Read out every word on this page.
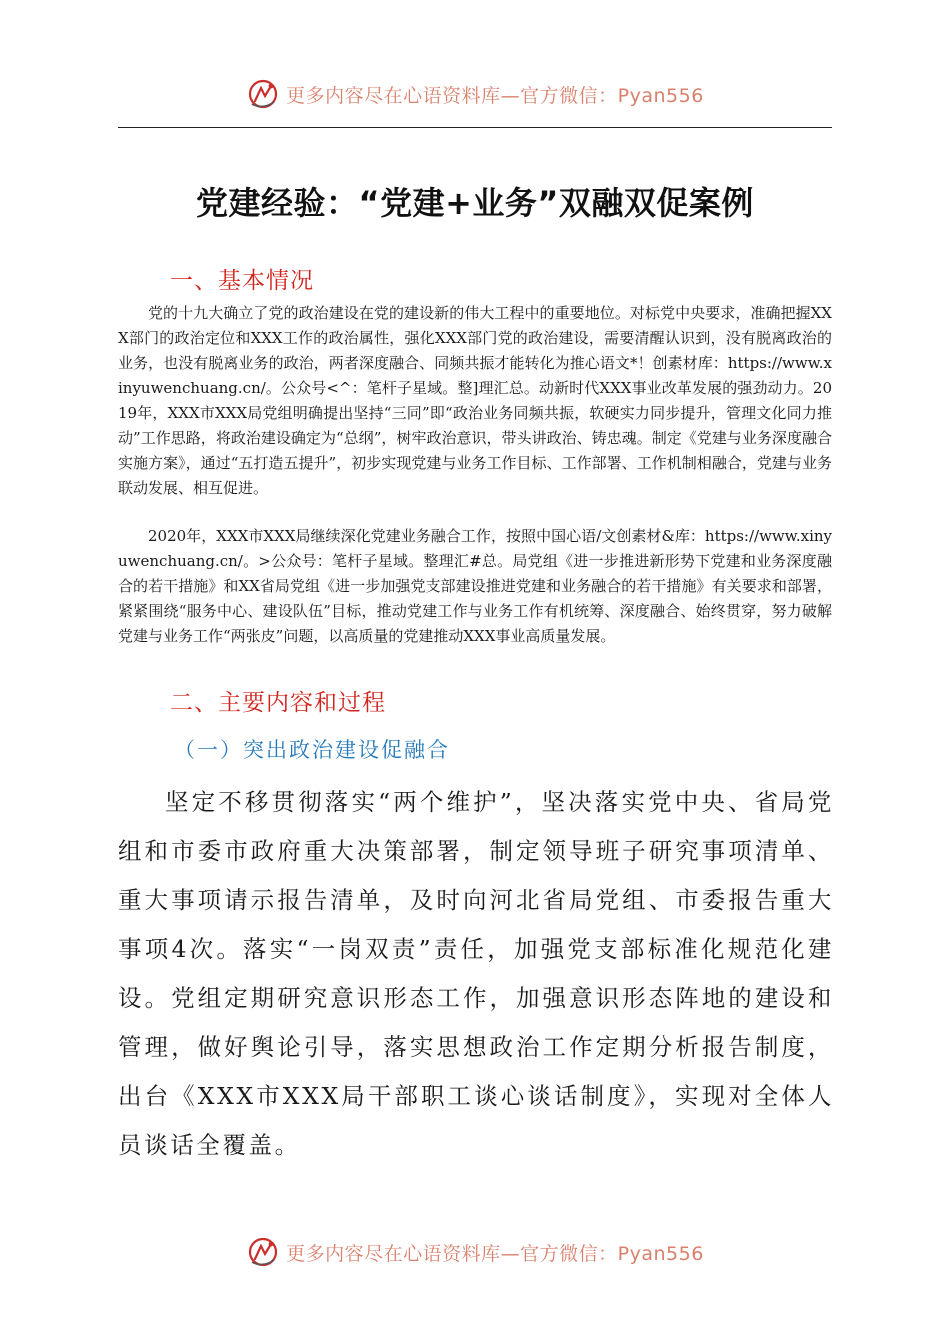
更多内容尽在心语资料库—官方微信：Pyan556
党建经验：“党建+业务”双融双促案例
一、基本情况

党的十九大确立了党的政治建设在党的建设新的伟大工程中的重要地位。对标党中央要求，准确把握XXX部门的政治定位和XXX工作的政治属性，强化XXX部门党的政治建设，需要清醒认识到，没有脱离政治的业务，也没有脱离业务的政治，两者深度融合、同频共振才能转化为推心语文*！创素材库：https://www.xinyuwenchuang.cn/。公众号<^：笔杆子星域。整]理汇总。动新时代XXX事业改革发展的强劲动力。2019年，XXX市XXX局党组明确提出坚持“三同”即“政治业务同频共振，软硬实力同步提升，管理文化同力推动”工作思路，将政治建设确定为“总纲”，树牢政治意识，带头讲政治、铸忠魂。制定《党建与业务深度融合实施方案》，通过“五打造五提升”，初步实现党建与业务工作目标、工作部署、工作机制相融合，党建与业务联动发展、相互促进。

2020年，XXX市XXX局继续深化党建业务融合工作，按照中国心语/文创素材&库：https://www.xinyuwenchuang.cn/。>公众号：笔杆子星域。整理汇#总。局党组《进一步推进新形势下党建和业务深度融合的若干措施》和XX省局党组《进一步加强党支部建设推进党建和业务融合的若干措施》有关要求和部署，紧紧围绕“服务中心、建设队伍”目标，推动党建工作与业务工作有机统筹、深度融合、始终贯穿，努力破解党建与业务工作“两张皮”问题，以高质量的党建推动XXX事业高质量发展。

二、主要内容和过程
（一）突出政治建设促融合

坚定不移贯彻落实“两个维护”，坚决落实党中央、省局党组和市委市政府重大决策部署，制定领导班子研究事项清单、重大事项请示报告清单，及时向河北省局党组、市委报告重大事项4次。落实“一岗双责”责任，加强党支部标准化规范化建设。党组定期研究意识形态工作，加强意识形态阵地的建设和管理，做好舆论引导，落实思想政治工作定期分析报告制度，出台《XXX市XXX局干部职工谈心谈话制度》，实现对全体人员谈话全覆盖。

更多内容尽在心语资料库—官方微信：Pyan556
